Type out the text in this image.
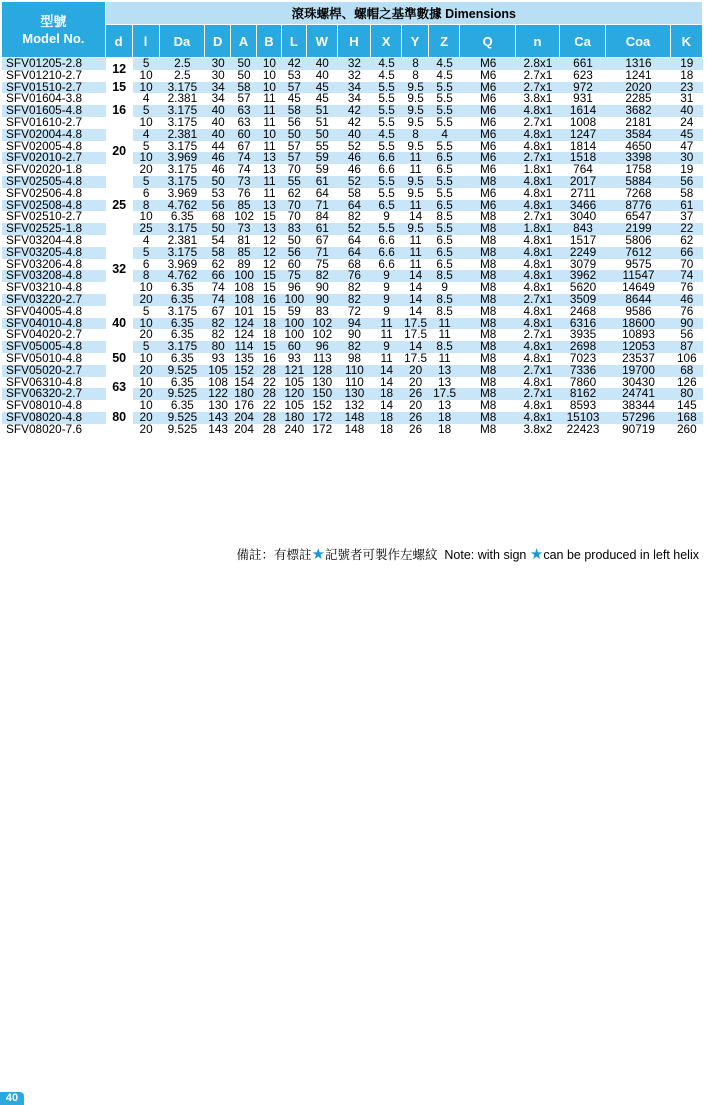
型號
Model No.	滾珠螺桿、螺帽之基準數據 Dimensions																
	d	l	Da	D	A	B	L	W	H	X	Y	Z	Q	n	Ca	Coa	K
SFV01205-2.8	12	5	2.5	30	50	10	42	40	32	4.5	8	4.5	M6	2.8x1	661	1316	19
SFV01210-2.7		10	2.5	30	50	10	53	40	32	4.5	8	4.5	M6	2.7x1	623	1241	18
SFV01510-2.7	15	10	3.175	34	58	10	57	45	34	5.5	9.5	5.5	M6	2.7x1	972	2020	23
SFV01604-3.8	16	4	2.381	34	57	11	45	45	34	5.5	9.5	5.5	M6	3.8x1	931	2285	31
SFV01605-4.8		5	3.175	40	63	11	58	51	42	5.5	9.5	5.5	M6	4.8x1	1614	3682	40
SFV01610-2.7		10	3.175	40	63	11	56	51	42	5.5	9.5	5.5	M6	2.7x1	1008	2181	24
SFV02004-4.8	20	4	2.381	40	60	10	50	50	40	4.5	8	4	M6	4.8x1	1247	3584	45
SFV02005-4.8		5	3.175	44	67	11	57	55	52	5.5	9.5	5.5	M6	4.8x1	1814	4650	47
SFV02010-2.7		10	3.969	46	74	13	57	59	46	6.6	11	6.5	M6	2.7x1	1518	3398	30
SFV02020-1.8		20	3.175	46	74	13	70	59	46	6.6	11	6.5	M6	1.8x1	764	1758	19
SFV02505-4.8	25	5	3.175	50	73	11	55	61	52	5.5	9.5	5.5	M8	4.8x1	2017	5884	56
SFV02506-4.8		6	3.969	53	76	11	62	64	58	5.5	9.5	5.5	M6	4.8x1	2711	7268	58
SFV02508-4.8		8	4.762	56	85	13	70	71	64	6.5	11	6.5	M6	4.8x1	3466	8776	61
SFV02510-2.7		10	6.35	68	102	15	70	84	82	9	14	8.5	M8	2.7x1	3040	6547	37
SFV02525-1.8		25	3.175	50	73	13	83	61	52	5.5	9.5	5.5	M8	1.8x1	843	2199	22
SFV03204-4.8	32	4	2.381	54	81	12	50	67	64	6.6	11	6.5	M8	4.8x1	1517	5806	62
SFV03205-4.8		5	3.175	58	85	12	56	71	64	6.6	11	6.5	M8	4.8x1	2249	7612	66
SFV03206-4.8		6	3.969	62	89	12	60	75	68	6.6	11	6.5	M8	4.8x1	3079	9575	70
SFV03208-4.8		8	4.762	66	100	15	75	82	76	9	14	8.5	M8	4.8x1	3962	11547	74
SFV03210-4.8		10	6.35	74	108	15	96	90	82	9	14	9	M8	4.8x1	5620	14649	76
SFV03220-2.7		20	6.35	74	108	16	100	90	82	9	14	8.5	M8	2.7x1	3509	8644	46
SFV04005-4.8	40	5	3.175	67	101	15	59	83	72	9	14	8.5	M8	4.8x1	2468	9586	76
SFV04010-4.8		10	6.35	82	124	18	100	102	94	11	17.5	11	M8	4.8x1	6316	18600	90
SFV04020-2.7		20	6.35	82	124	18	100	102	90	11	17.5	11	M8	2.7x1	3935	10893	56
SFV05005-4.8	50	5	3.175	80	114	15	60	96	82	9	14	8.5	M8	4.8x1	2698	12053	87
SFV05010-4.8		10	6.35	93	135	16	93	113	98	11	17.5	11	M8	4.8x1	7023	23537	106
SFV05020-2.7		20	9.525	105	152	28	121	128	110	14	20	13	M8	2.7x1	7336	19700	68
SFV06310-4.8	63	10	6.35	108	154	22	105	130	110	14	20	13	M8	4.8x1	7860	30430	126
SFV06320-2.7		20	9.525	122	180	28	120	150	130	18	26	17.5	M8	2.7x1	8162	24741	80
SFV08010-4.8	80	10	6.35	130	176	22	105	152	132	14	20	13	M8	4.8x1	8593	38344	145
SFV08020-4.8		20	9.525	143	204	28	180	172	148	18	26	18	M8	4.8x1	15103	57296	168
SFV08020-7.6		20	9.525	143	204	28	240	172	148	18	26	18	M8	3.8x2	22423	90719	260
40
備註：有標註★記號者可製作左螺紋 Note: with sign ★can be produced in left helix
